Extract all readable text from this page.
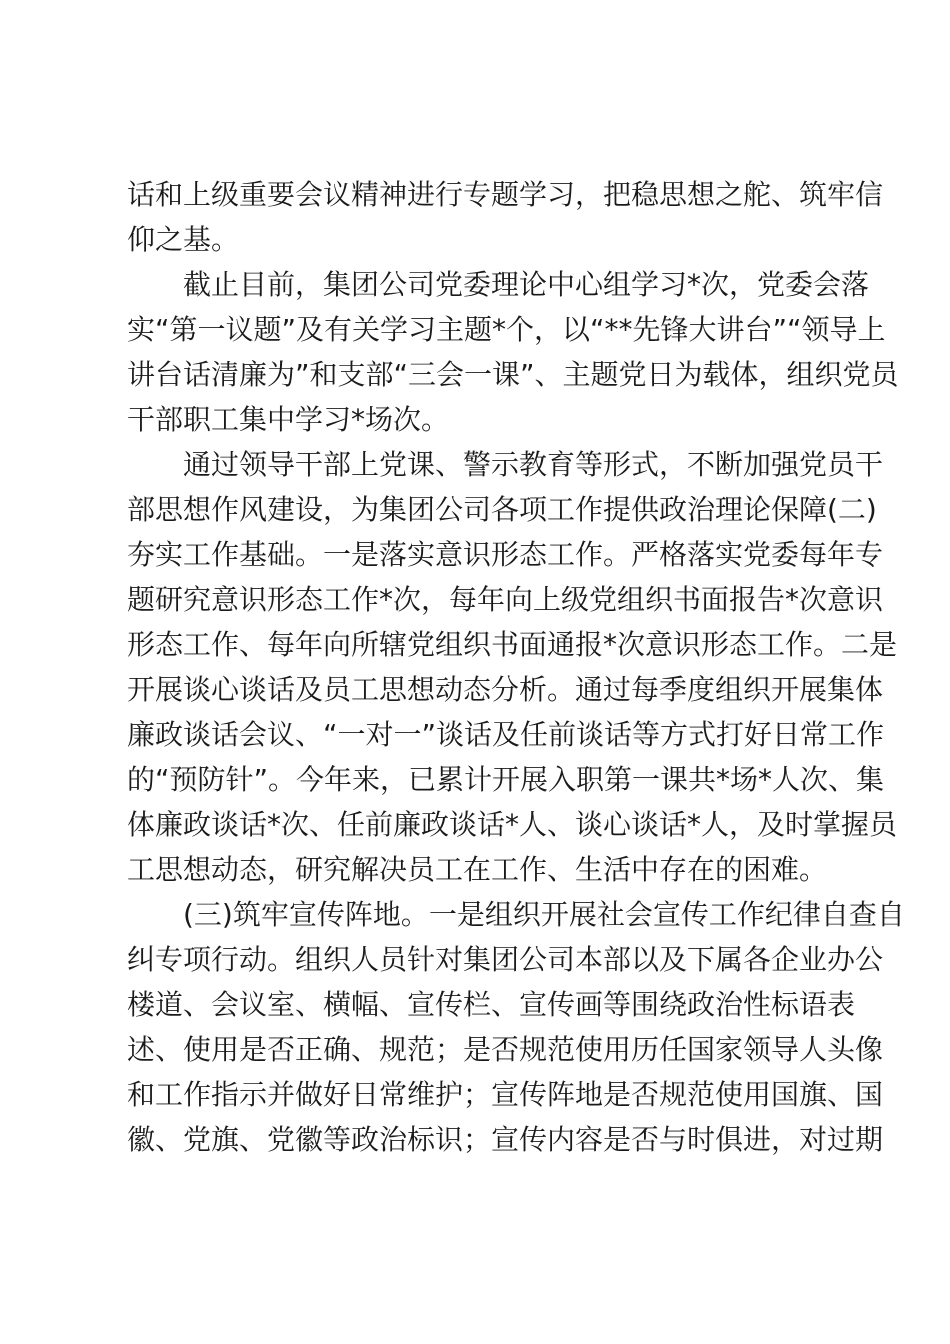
话和上级重要会议精神进行专题学习，把稳思想之舵、筑牢信
仰之基。
　　截止目前，集团公司党委理论中心组学习*次，党委会落
实“第一议题”及有关学习主题*个，以“**先锋大讲台”“领导上
讲台话清廉为”和支部“三会一课”、主题党日为载体，组织党员
干部职工集中学习*场次。
　　通过领导干部上党课、警示教育等形式，不断加强党员干
部思想作风建设，为集团公司各项工作提供政治理论保障(二)
夯实工作基础。一是落实意识形态工作。严格落实党委每年专
题研究意识形态工作*次，每年向上级党组织书面报告*次意识
形态工作、每年向所辖党组织书面通报*次意识形态工作。二是
开展谈心谈话及员工思想动态分析。通过每季度组织开展集体
廉政谈话会议、“一对一”谈话及任前谈话等方式打好日常工作
的“预防针”。今年来，已累计开展入职第一课共*场*人次、集
体廉政谈话*次、任前廉政谈话*人、谈心谈话*人，及时掌握员
工思想动态，研究解决员工在工作、生活中存在的困难。
　　(三)筑牢宣传阵地。一是组织开展社会宣传工作纪律自查自
纠专项行动。组织人员针对集团公司本部以及下属各企业办公
楼道、会议室、横幅、宣传栏、宣传画等围绕政治性标语表
述、使用是否正确、规范；是否规范使用历任国家领导人头像
和工作指示并做好日常维护；宣传阵地是否规范使用国旗、国
徽、党旗、党徽等政治标识；宣传内容是否与时俱进，对过期
